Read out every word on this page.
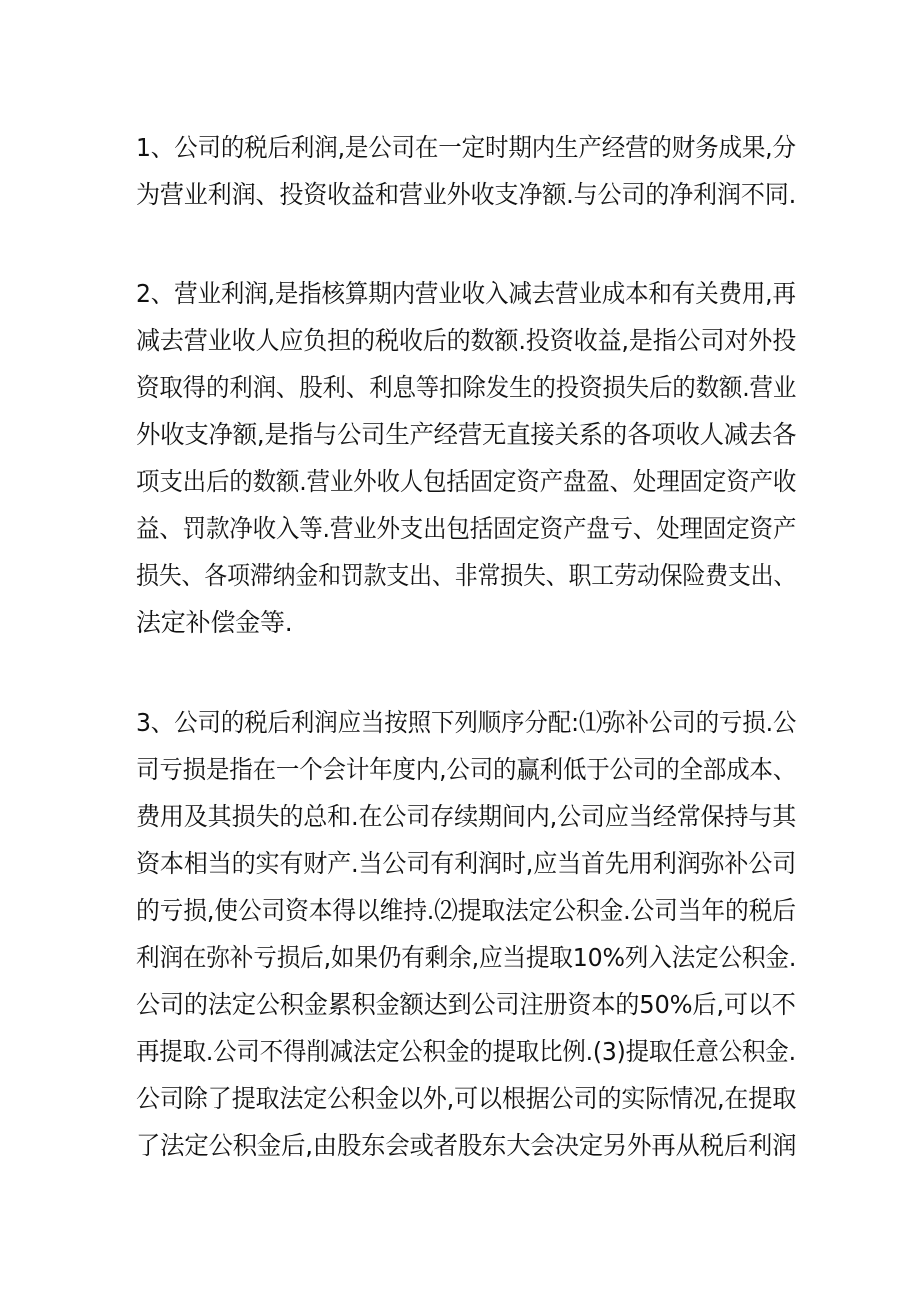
1、公司的税后利润,是公司在一定时期内生产经营的财务成果,分
为营业利润、投资收益和营业外收支净额.与公司的净利润不同.
2、营业利润,是指核算期内营业收入减去营业成本和有关费用,再
减去营业收人应负担的税收后的数额.投资收益,是指公司对外投
资取得的利润、股利、利息等扣除发生的投资损失后的数额.营业
外收支净额,是指与公司生产经营无直接关系的各项收人减去各
项支出后的数额.营业外收人包括固定资产盘盈、处理固定资产收
益、罚款净收入等.营业外支出包括固定资产盘亏、处理固定资产
损失、各项滞纳金和罚款支出、非常损失、职工劳动保险费支出、
法定补偿金等.
3、公司的税后利润应当按照下列顺序分配:⑴弥补公司的亏损.公
司亏损是指在一个会计年度内,公司的赢利低于公司的全部成本、
费用及其损失的总和.在公司存续期间内,公司应当经常保持与其
资本相当的实有财产.当公司有利润时,应当首先用利润弥补公司
的亏损,使公司资本得以维持.⑵提取法定公积金.公司当年的税后
利润在弥补亏损后,如果仍有剩余,应当提取10%列入法定公积金.
公司的法定公积金累积金额达到公司注册资本的50%后,可以不
再提取.公司不得削减法定公积金的提取比例.(3)提取任意公积金.
公司除了提取法定公积金以外,可以根据公司的实际情况,在提取
了法定公积金后,由股东会或者股东大会决定另外再从税后利润
